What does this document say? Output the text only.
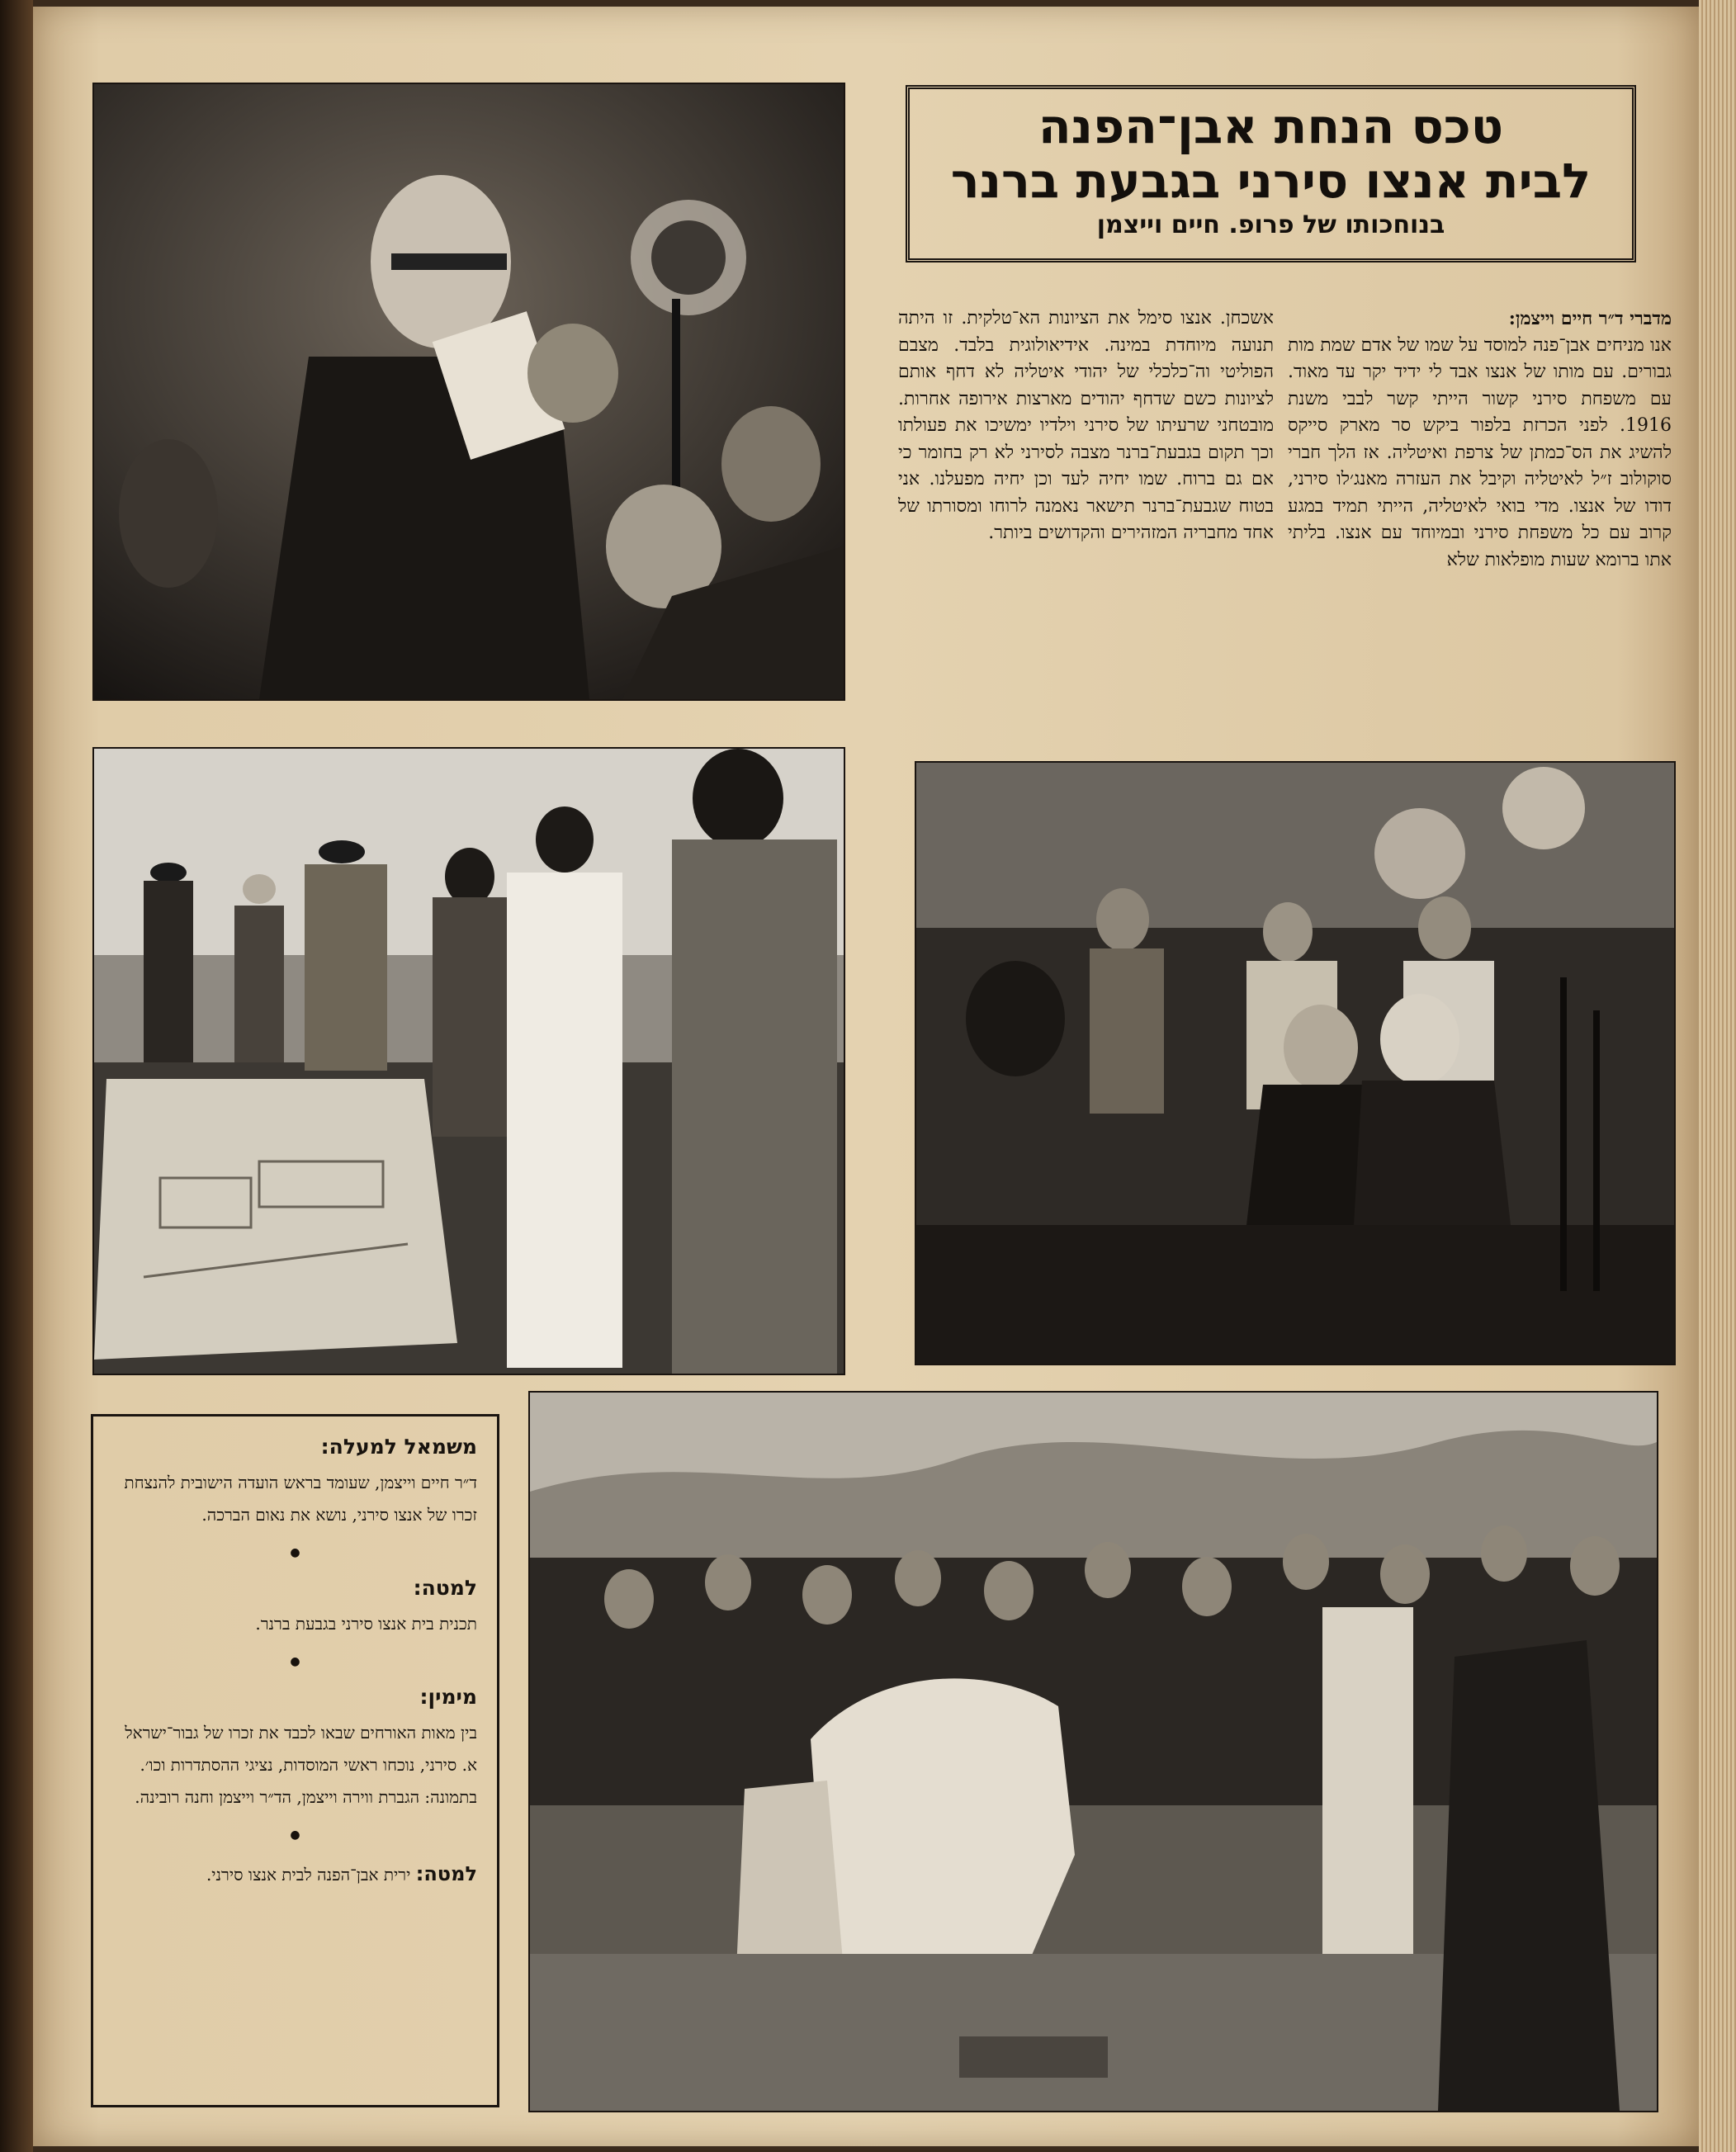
טכס הנחת אבן־הפנה
לבית אנצו סירני בגבעת ברנר
בנוחכותו של פרופ. חיים וייצמן

מדברי ד״ר חיים וייצמן:

אנו מניחים אבן־פנה למוסד על שמו של אדם שמת מות גבורים. עם מותו של אנצו אבד לי ידיד יקר עד מאוד. עם משפחת סירני קשור הייתי קשר לבבי משנת 1916. לפני הכרזת בלפור ביקש סר מארק סייקס להשיג את הס־כמתן של צרפת ואיטליה. אז הלך חברי סוקולוב ז״ל לאיטליה וקיבל את העזרה מאנג׳לו סירני, דודו של אנצו. מדי בואי לאיטליה, הייתי תמיד במגע קרוב עם כל משפחת סירני ובמיוחד עם אנצו. בליתי אתו ברומא שעות מופלאות שלא

אשכחן. אנצו סימל את הציונות הא־טלקית. זו היתה תנועה מיוחדת במינה. אידיאולוגית בלבד. מצבם הפוליטי וה־כלכלי של יהודי איטליה לא דחף אותם לציונות כשם שדחף יהודים מארצות אירופה אחרות. מובטחני שרעיתו של סירני וילדיו ימשיכו את פעולתו וכך תקום בגבעת־ברנר מצבה לסירני לא רק בחומר כי אם גם ברוח. שמו יחיה לעד וכן יחיה מפעלנו. אני בטוח שגבעת־ברנר תישאר נאמנה לרוחו ומסורתו של אחד מחבריה המזהירים והקדושים ביותר.

משמאל למעלה:

ד״ר חיים וייצמן, שעומד בראש הועדה הישובית להנצחת זכרו של אנצו סירני, נושא את נאום הברכה.

●

למטה:

תכנית בית אנצו סירני בגבעת ברנר.

●

מימין:

בין מאות האורחים שבאו לכבד את זכרו של גבור־ישראל א. סירני, נוכחו ראשי המוסדות, נציגי ההסתדרות וכו׳. בתמונה: הגברת ווירה וייצמן, הד״ר וייצמן וחנה רובינה.

●

למטה: ירית אבן־הפנה לבית אנצו סירני.
